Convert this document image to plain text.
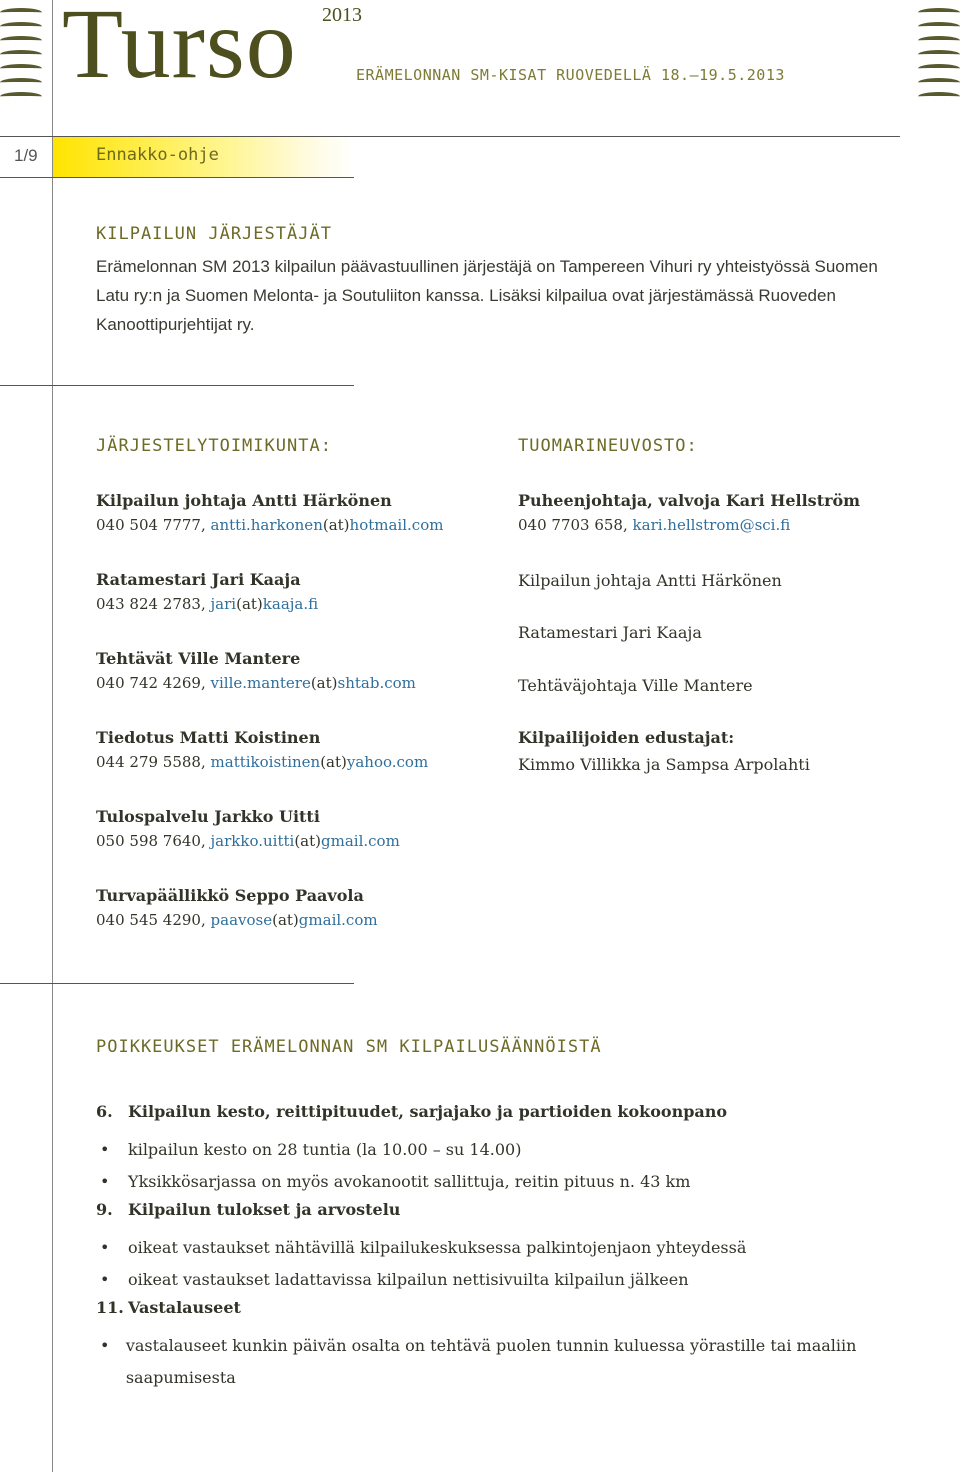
Turso 2013
ERÄMELONNAN SM-KISAT RUOVEDELLÄ 18.–19.5.2013
1/9	Ennakko-ohje
KILPAILUN JÄRJESTÄJÄT
Erämelonnan SM 2013 kilpailun päävastuullinen järjestäjä on Tampereen Vihuri ry yhteistyössä Suomen Latu ry:n ja Suomen Melonta- ja Soutuliiton kanssa. Lisäksi kilpailua ovat järjestämässä Ruoveden Kanoottipurjehtijat ry.
JÄRJESTELYTOIMIKUNTA:
Kilpailun johtaja Antti Härkönen
040 504 7777, antti.harkonen(at)hotmail.com
Ratamestari Jari Kaaja
043 824 2783, jari(at)kaaja.fi
Tehtävät Ville Mantere
040 742 4269, ville.mantere(at)shtab.com
Tiedotus Matti Koistinen
044 279 5588, mattikoistinen(at)yahoo.com
Tulospalvelu Jarkko Uitti
050 598 7640, jarkko.uitti(at)gmail.com
Turvapäällikkö Seppo Paavola
040 545 4290, paavose(at)gmail.com
TUOMARINEUVOSTO:
Puheenjohtaja, valvoja Kari Hellström
040 7703 658, kari.hellstrom@sci.fi
Kilpailun johtaja Antti Härkönen
Ratamestari Jari Kaaja
Tehtäväjohtaja Ville Mantere
Kilpailijoiden edustajat:
Kimmo Villikka ja Sampsa Arpolahti
POIKKEUKSET ERÄMELONNAN SM KILPAILUSÄÄNNÖISTÄ
6. Kilpailun kesto, reittipituudet, sarjajako ja partioiden kokoonpano
•	kilpailun kesto on 28 tuntia (la 10.00 – su 14.00)
•	Yksikkösarjassa on myös avokanootit sallittuja, reitin pituus n. 43 km
9. Kilpailun tulokset ja arvostelu
•	oikeat vastaukset nähtävillä kilpailukeskuksessa palkintojenjaon yhteydessä
•	oikeat vastaukset ladattavissa kilpailun nettisivuilta kilpailun jälkeen
11. Vastalauseet
•	vastalauseet kunkin päivän osalta on tehtävä puolen tunnin kuluessa yörastille tai maaliin saapumisesta
